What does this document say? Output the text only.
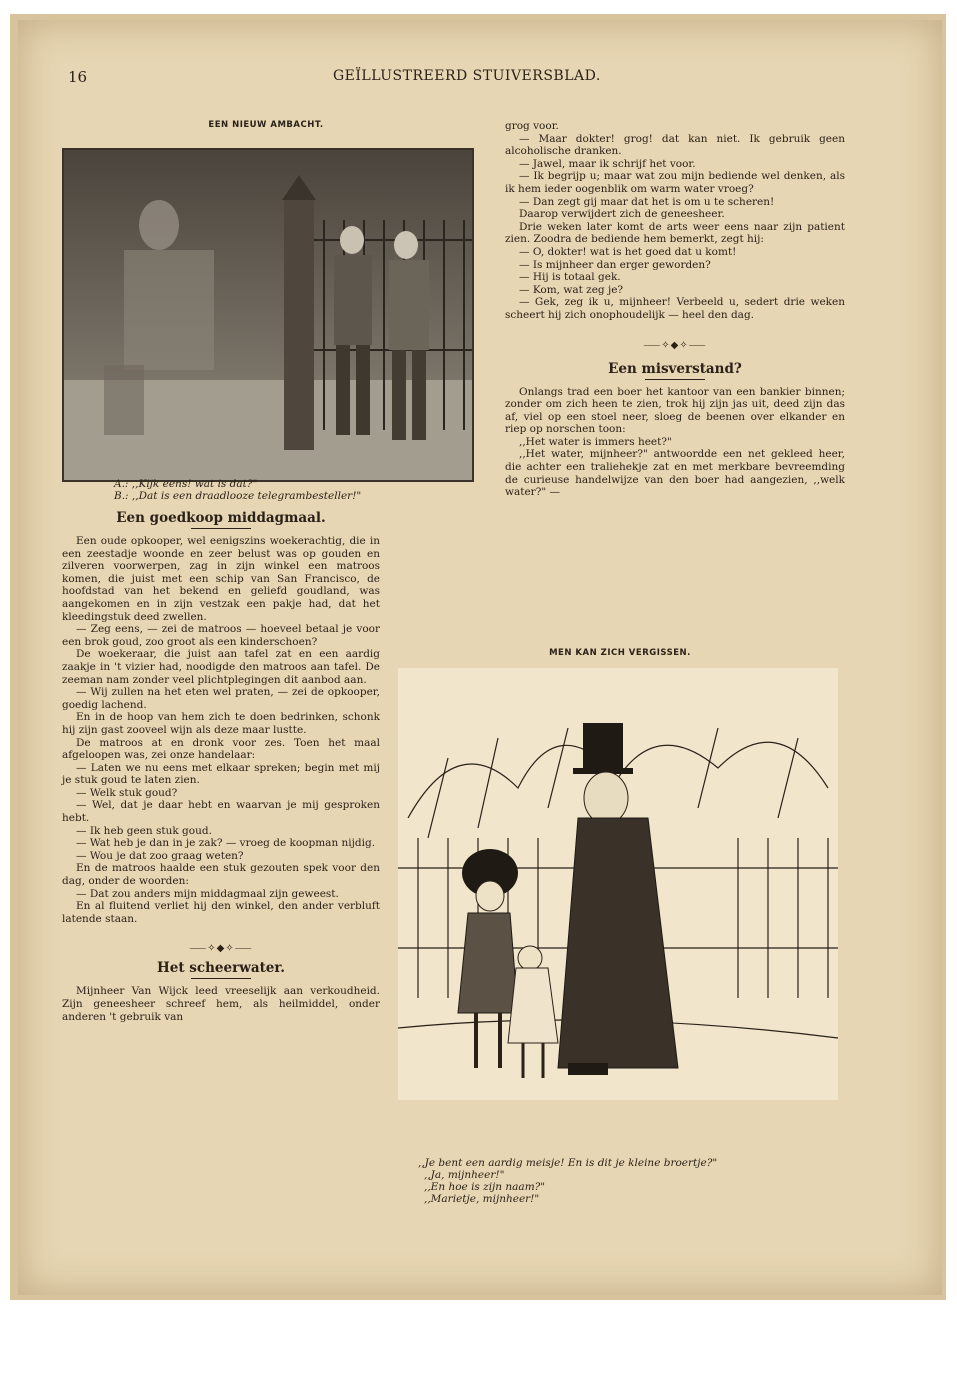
16	GEÏLLUSTREERD STUIVERSBLAD.
EEN NIEUW AMBACHT.
A.: ,,Kijk eens! wat is dat?"
B.: ,,Dat is een draadlooze telegrambesteller!"
Een goedkoop middagmaal.

Een oude opkooper, wel eenigszins woekerachtig, die in een zeestadje woonde en zeer belust was op gouden en zilveren voorwerpen, zag in zijn winkel een matroos komen, die juist met een schip van San Francisco, de hoofdstad van het bekend en geliefd goudland, was aangekomen en in zijn vestzak een pakje had, dat het kleedingstuk deed zwellen.

— Zeg eens, — zei de matroos — hoeveel betaal je voor een brok goud, zoo groot als een kinderschoen?

De woekeraar, die juist aan tafel zat en een aardig zaakje in 't vizier had, noodigde den matroos aan tafel. De zeeman nam zonder veel plichtplegingen dit aanbod aan.

— Wij zullen na het eten wel praten, — zei de opkooper, goedig lachend.

En in de hoop van hem zich te doen bedrinken, schonk hij zijn gast zooveel wijn als deze maar lustte.

De matroos at en dronk voor zes. Toen het maal afgeloopen was, zei onze handelaar:

— Laten we nu eens met elkaar spreken; begin met mij je stuk goud te laten zien.

— Welk stuk goud?

— Wel, dat je daar hebt en waarvan je mij gesproken hebt.

— Ik heb geen stuk goud.

— Wat heb je dan in je zak? — vroeg de koopman nijdig.

— Wou je dat zoo graag weten?

En de matroos haalde een stuk gezouten spek voor den dag, onder de woorden:

— Dat zou anders mijn middagmaal zijn geweest.

En al fluitend verliet hij den winkel, den ander verbluft latende staan.

⸺✧◆✧⸺
Het scheerwater.

Mijnheer Van Wijck leed vreeselijk aan verkoudheid. Zijn geneesheer schreef hem, als heilmiddel, onder anderen 't gebruik van

grog voor.

— Maar dokter! grog! dat kan niet. Ik gebruik geen alcoholische dranken.

— Jawel, maar ik schrijf het voor.

— Ik begrijp u; maar wat zou mijn bediende wel denken, als ik hem ieder oogenblik om warm water vroeg?

— Dan zegt gij maar dat het is om u te scheren!

Daarop verwijdert zich de geneesheer.

Drie weken later komt de arts weer eens naar zijn patient zien. Zoodra de bediende hem bemerkt, zegt hij:

— O, dokter! wat is het goed dat u komt!

— Is mijnheer dan erger geworden?

— Hij is totaal gek.

— Kom, wat zeg je?

— Gek, zeg ik u, mijnheer! Verbeeld u, sedert drie weken scheert hij zich onophoudelijk — heel den dag.

⸺✧◆✧⸺
Een misverstand?

Onlangs trad een boer het kantoor van een bankier binnen; zonder om zich heen te zien, trok hij zijn jas uit, deed zijn das af, viel op een stoel neer, sloeg de beenen over elkander en riep op norschen toon:

,,Het water is immers heet?"

,,Het water, mijnheer?" antwoordde een net gekleed heer, die achter een traliehekje zat en met merkbare bevreemding de curieuse handelwijze van den boer had aangezien, ,,welk water?" —

MEN KAN ZICH VERGISSEN.
,,Je bent een aardig meisje! En is dit je kleine broertje?"
,,Ja, mijnheer!"
,,En hoe is zijn naam?"
,,Marietje, mijnheer!"
